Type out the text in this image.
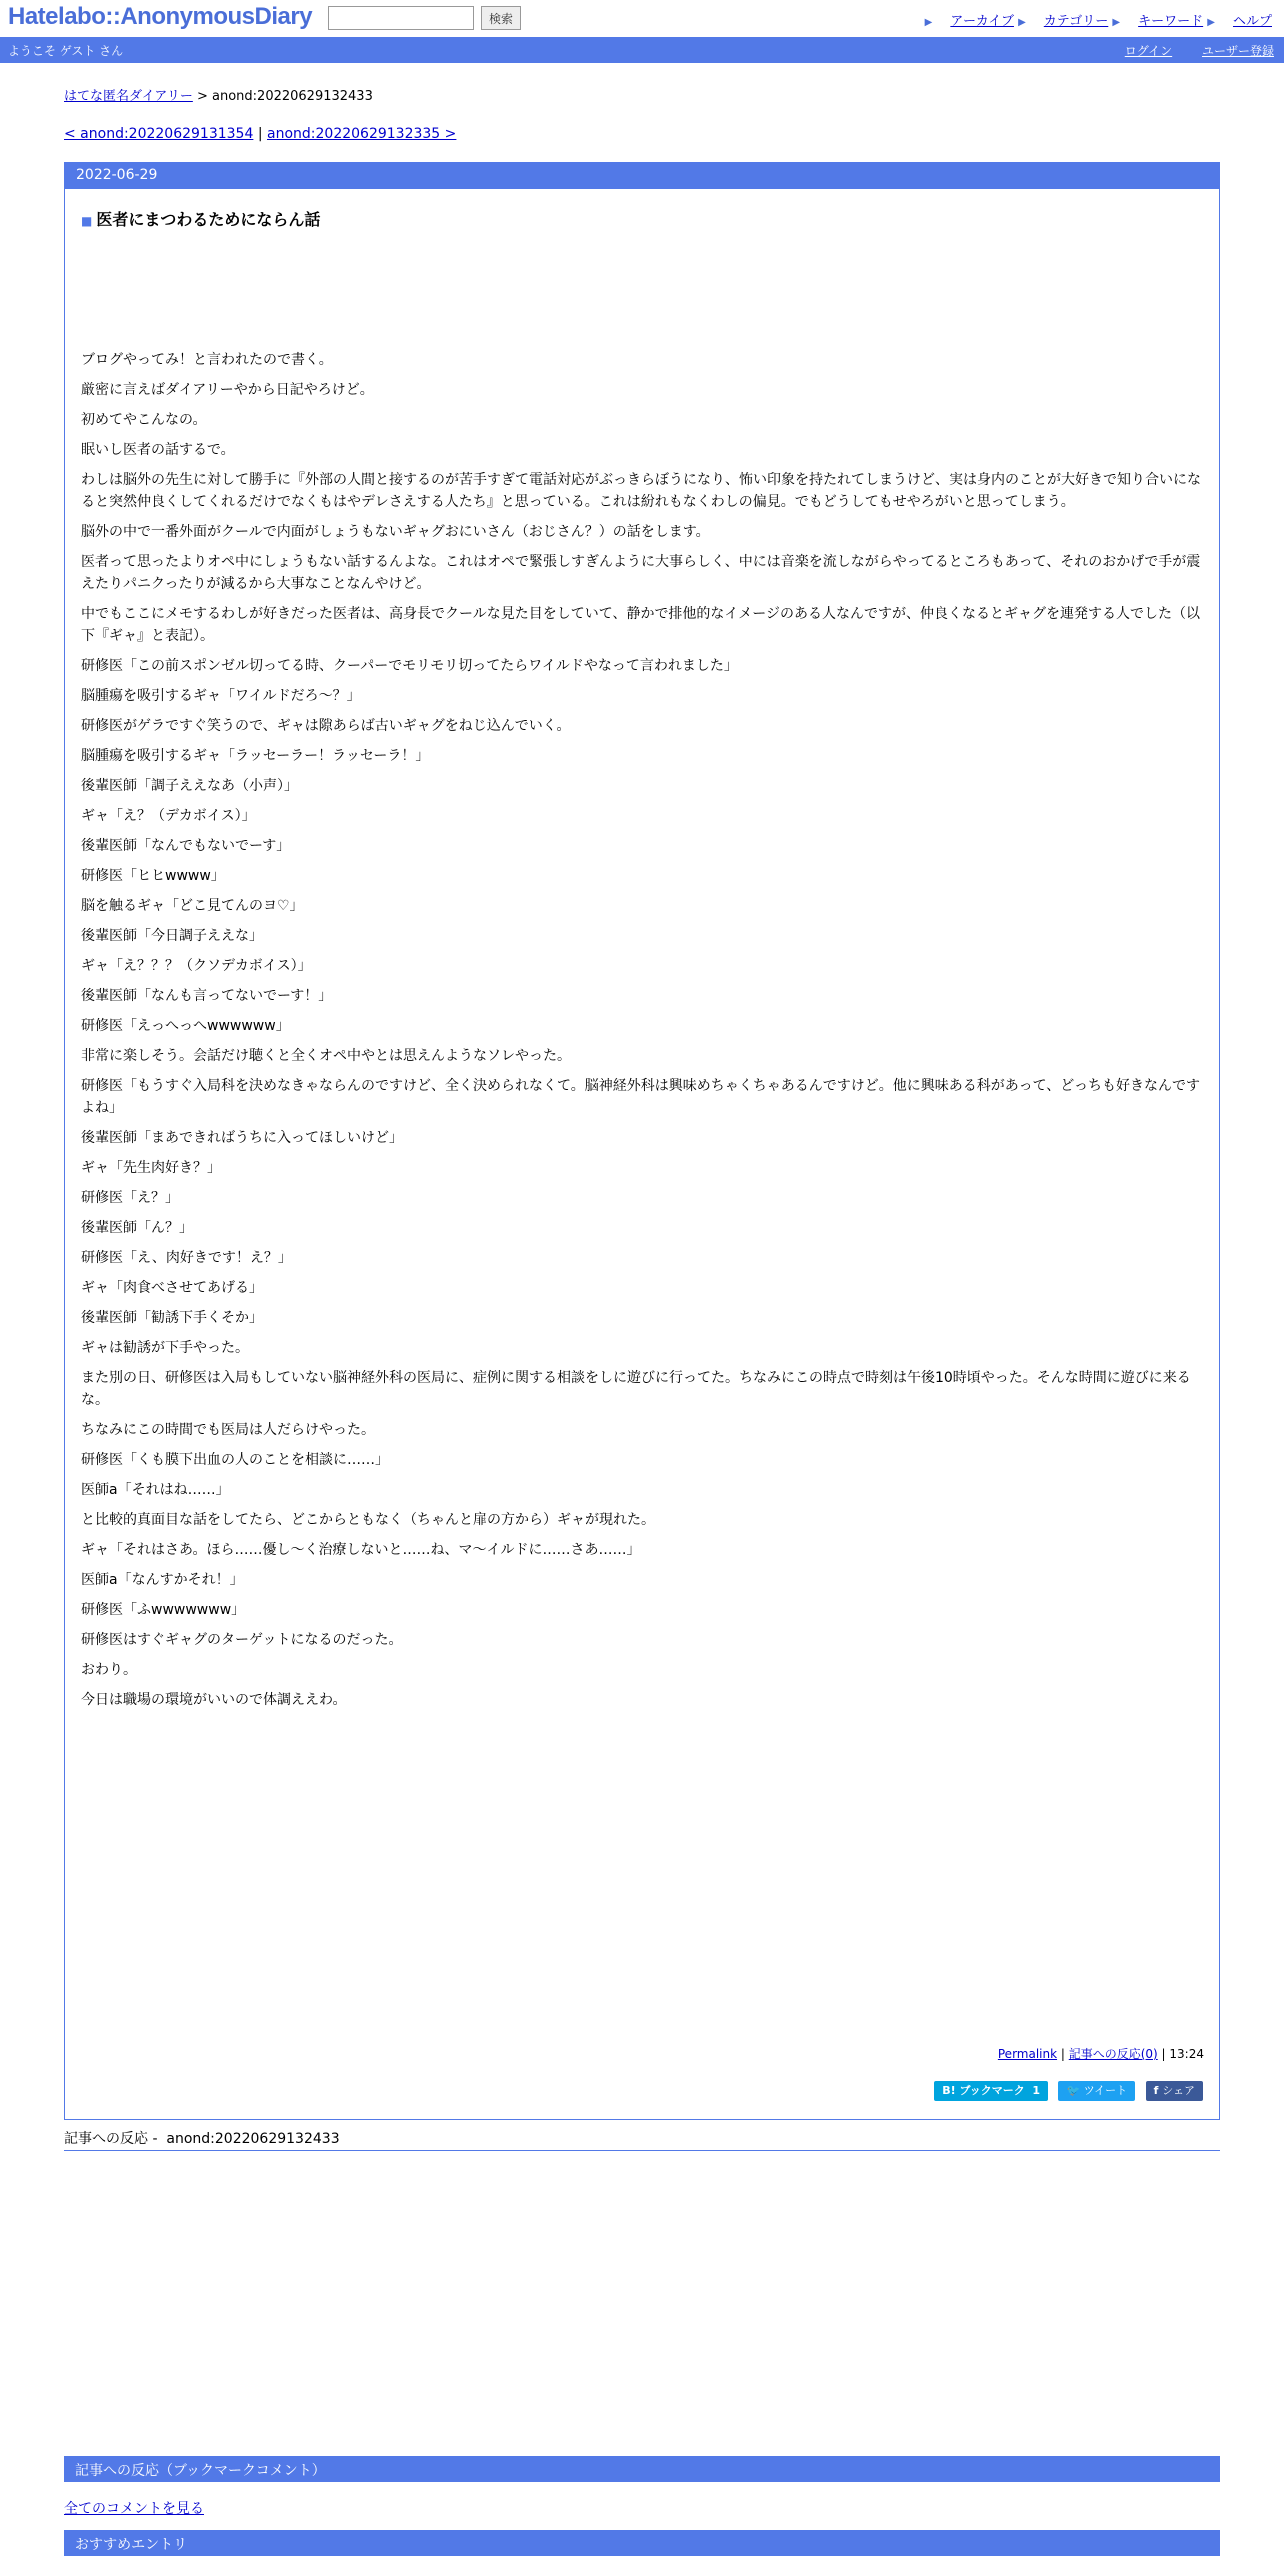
Hatelabo::AnonymousDiary	検索	▶ アーカイブ ▶ カテゴリー ▶ キーワード ▶ ヘルプ
ようこそ ゲスト さん	ログイン ユーザー登録
はてな匿名ダイアリー > anond:20220629132433
< anond:20220629131354 | anond:20220629132335 >
2022-06-29
■ 医者にまつわるためにならん話

ブログやってみ！と言われたので書く。

厳密に言えばダイアリーやから日記やろけど。

初めてやこんなの。

眠いし医者の話するで。

わしは脳外の先生に対して勝手に『外部の人間と接するのが苦手すぎて電話対応がぶっきらぼうになり、怖い印象を持たれてしまうけど、実は身内のことが大好きで知り合いになると突然仲良くしてくれるだけでなくもはやデレさえする人たち』と思っている。これは紛れもなくわしの偏見。でもどうしてもせやろがいと思ってしまう。

脳外の中で一番外面がクールで内面がしょうもないギャグおにいさん（おじさん？）の話をします。

医者って思ったよりオペ中にしょうもない話するんよな。これはオペで緊張しすぎんように大事らしく、中には音楽を流しながらやってるところもあって、それのおかげで手が震えたりパニクったりが減るから大事なことなんやけど。

中でもここにメモするわしが好きだった医者は、高身長でクールな見た目をしていて、静かで排他的なイメージのある人なんですが、仲良くなるとギャグを連発する人でした（以下『ギャ』と表記）。

研修医「この前スポンゼル切ってる時、クーパーでモリモリ切ってたらワイルドやなって言われました」

脳腫瘍を吸引するギャ「ワイルドだろ〜？」

研修医がゲラですぐ笑うので、ギャは隙あらば古いギャグをねじ込んでいく。

脳腫瘍を吸引するギャ「ラッセーラー！ラッセーラ！」

後輩医師「調子ええなあ（小声）」

ギャ「え？（デカボイス）」

後輩医師「なんでもないでーす」

研修医「ヒヒwwww」

脳を触るギャ「どこ見てんのヨ♡」

後輩医師「今日調子ええな」

ギャ「え？？？（クソデカボイス）」

後輩医師「なんも言ってないでーす！」

研修医「えっへっへwwwwww」

非常に楽しそう。会話だけ聴くと全くオペ中やとは思えんようなソレやった。

研修医「もうすぐ入局科を決めなきゃならんのですけど、全く決められなくて。脳神経外科は興味めちゃくちゃあるんですけど。他に興味ある科があって、どっちも好きなんですよね」

後輩医師「まあできればうちに入ってほしいけど」

ギャ「先生肉好き？」

研修医「え？」

後輩医師「ん？」

研修医「え、肉好きです！え？」

ギャ「肉食べさせてあげる」

後輩医師「勧誘下手くそか」

ギャは勧誘が下手やった。

また別の日、研修医は入局もしていない脳神経外科の医局に、症例に関する相談をしに遊びに行ってた。ちなみにこの時点で時刻は午後10時頃やった。そんな時間に遊びに来るな。

ちなみにこの時間でも医局は人だらけやった。

研修医「くも膜下出血の人のことを相談に……」

医師a「それはね……」

と比較的真面目な話をしてたら、どこからともなく（ちゃんと扉の方から）ギャが現れた。

ギャ「それはさあ。ほら……優し〜く治療しないと……ね、マ〜イルドに……さあ……」

医師a「なんすかそれ！」

研修医「ふwwwwwww」

研修医はすぐギャグのターゲットになるのだった。

おわり。

今日は職場の環境がいいので体調ええわ。

Permalink | 記事への反応(0) | 13:24
B! ブックマーク  1 🐦 ツイート f シェア
記事への反応 -  anond:20220629132433
記事への反応（ブックマークコメント）
全てのコメントを見る
おすすめエントリ
